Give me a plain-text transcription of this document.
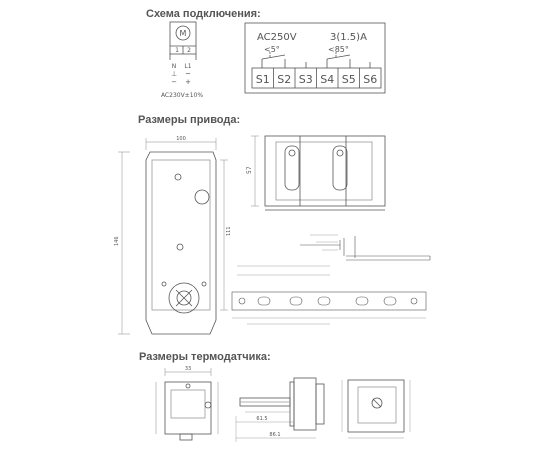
Схема подключения:
Размеры привода:
Размеры термодатчика:
M
1 2
N L1
⊥ ~
− +
AC230V±10%
AC250V	3(1.5)A
<5°	<85°
S1 S2 S3 S4 S5 S6
100
146
111
57
33
61.5
86.1
